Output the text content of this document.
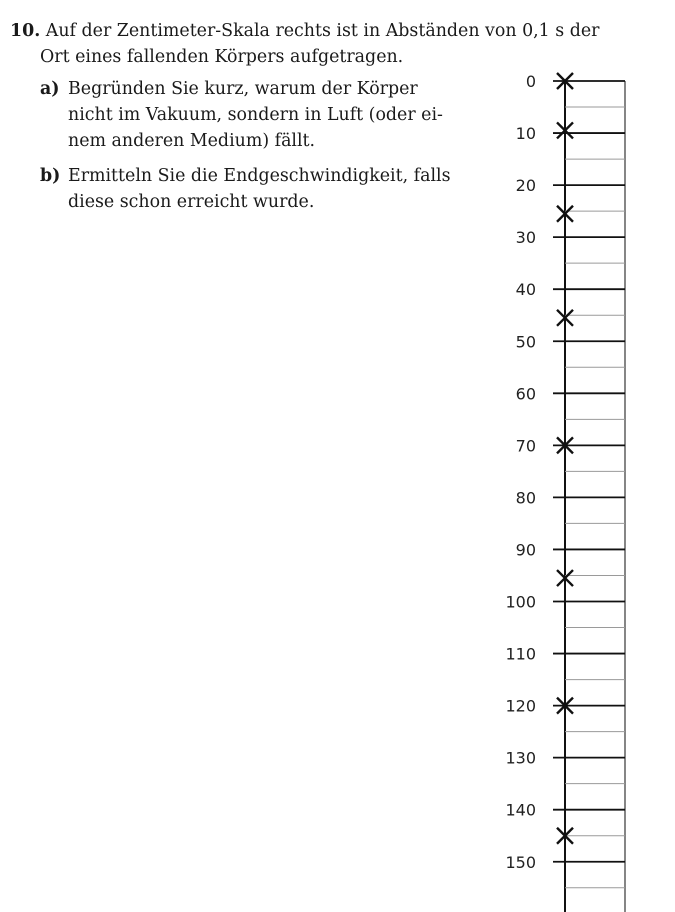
10. Auf der Zentimeter-Skala rechts ist in Abständen von 0,1 s der
Ort eines fallenden Körpers aufgetragen.
a) Begründen Sie kurz, warum der Körper
nicht im Vakuum, sondern in Luft (oder ei-
nem anderen Medium) fällt.
b) Ermitteln Sie die Endgeschwindigkeit, falls
diese schon erreicht wurde.
0
10
20
30
40
50
60
70
80
90
100
110
120
130
140
150
